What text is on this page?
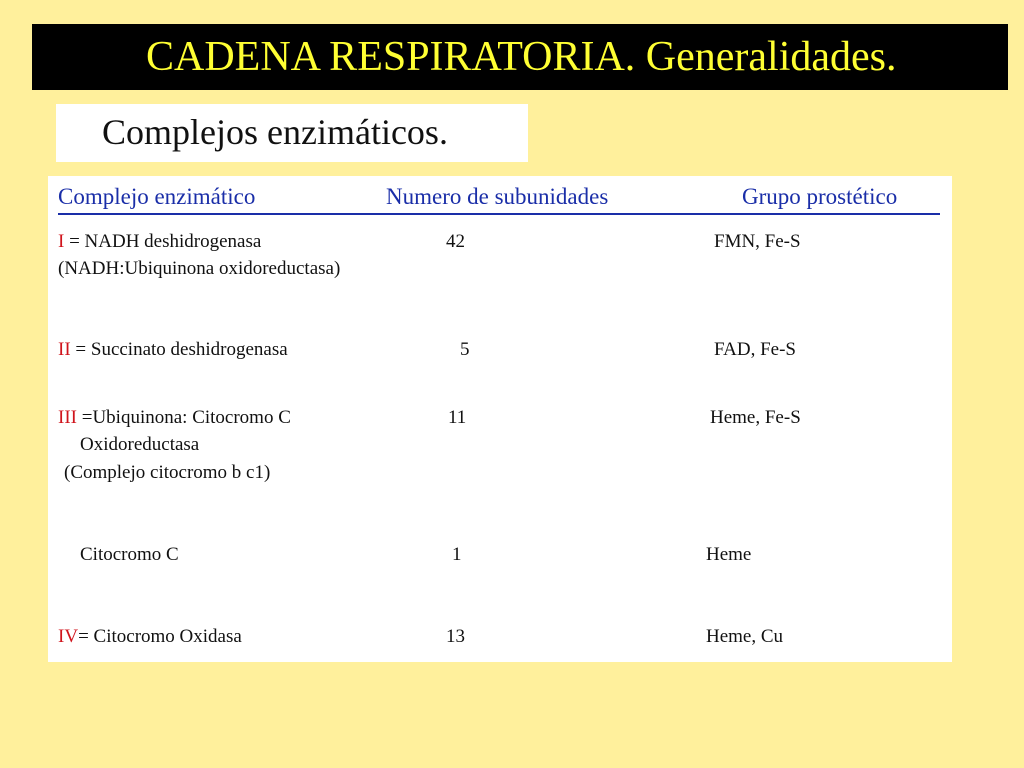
CADENA RESPIRATORIA. Generalidades.
Complejos enzimáticos.
Complejo enzimático	Numero de subunidades	Grupo prostético
I = NADH deshidrogenasa
(NADH:Ubiquinona oxidoreductasa)
42	FMN, Fe-S
II = Succinato deshidrogenasa	5	FAD, Fe-S
III =Ubiquinona: Citocromo C
Oxidoreductasa
(Complejo citocromo b c1)
11	Heme, Fe-S
Citocromo C	1	Heme
IV= Citocromo Oxidasa	13	Heme, Cu
